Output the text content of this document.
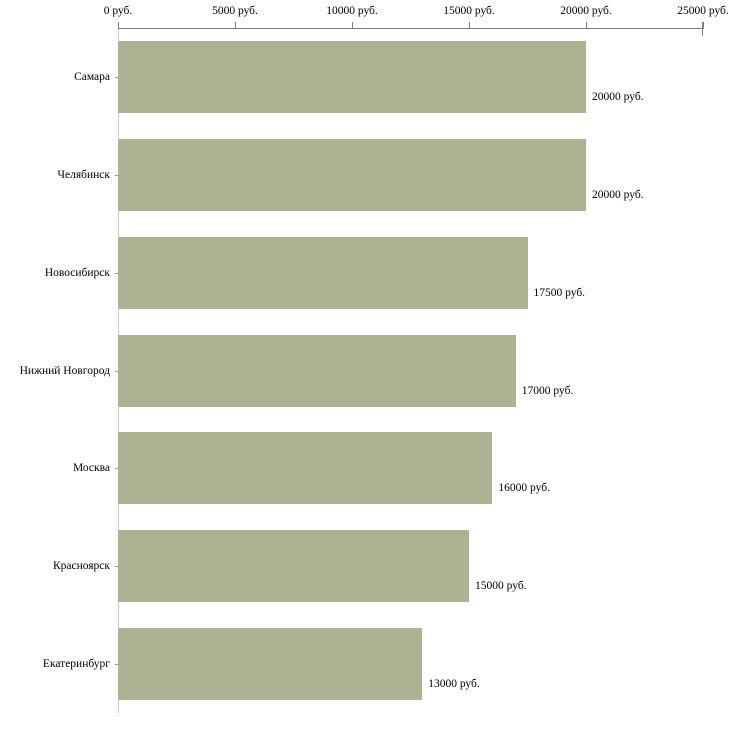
0 руб.	5000 руб.	10000 руб.	15000 руб.	20000 руб.	25000 руб.
Самара
Челябинск
Новосибирск
Нижний Новгород
Москва
Красноярск
Екатеринбург
20000 руб.
20000 руб.
17500 руб.
17000 руб.
16000 руб.
15000 руб.
13000 руб.
